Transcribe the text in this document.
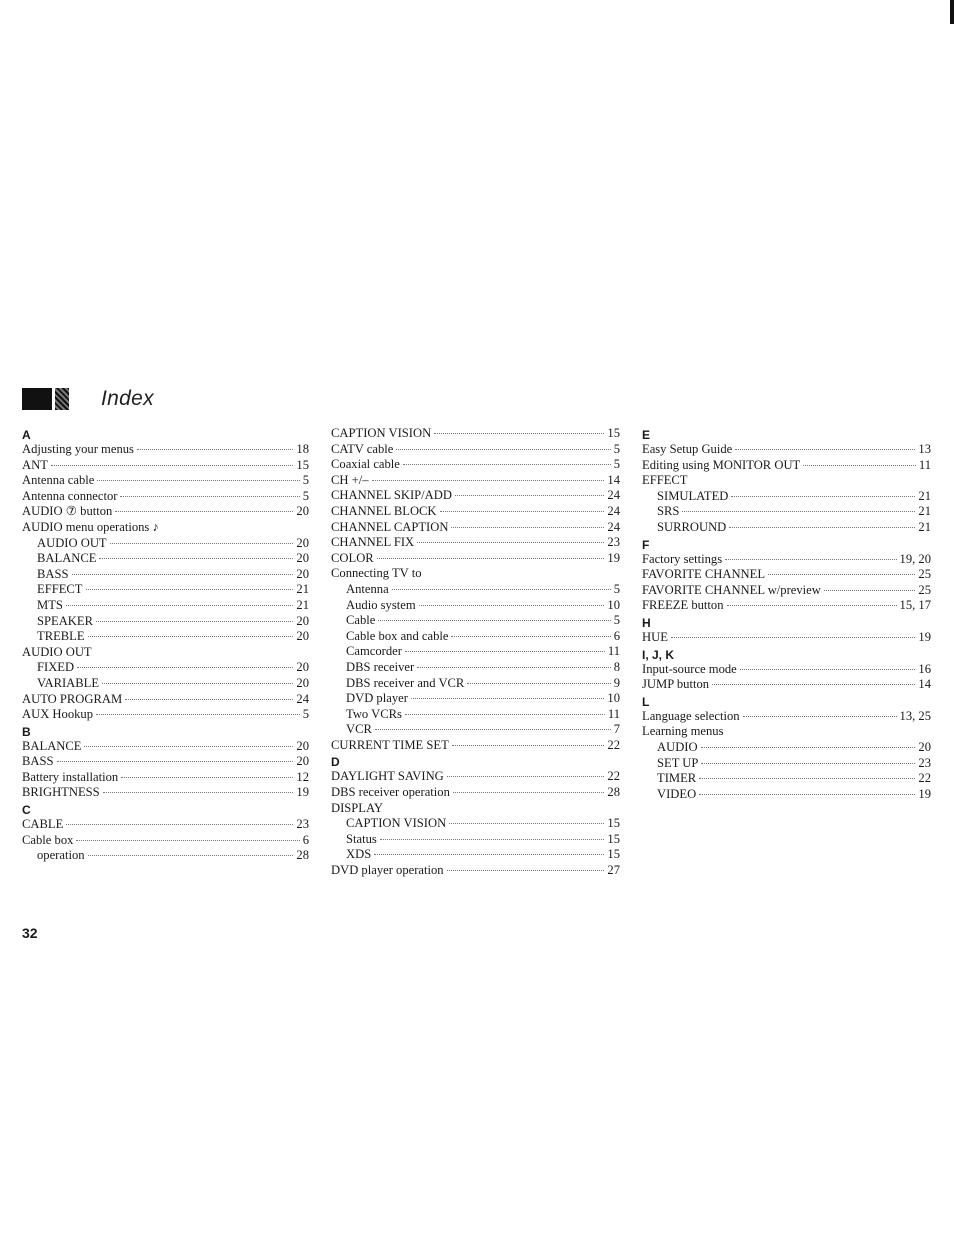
Index
A
Adjusting your menus	18
ANT	15
Antenna cable	5
Antenna connector	5
AUDIO ⑦ button	20
AUDIO menu operations ♪
AUDIO OUT	20
BALANCE	20
BASS	20
EFFECT	21
MTS	21
SPEAKER	20
TREBLE	20
AUDIO OUT
FIXED	20
VARIABLE	20
AUTO PROGRAM	24
AUX Hookup	5
B
BALANCE	20
BASS	20
Battery installation	12
BRIGHTNESS	19
C
CABLE	23
Cable box	6
operation	28
CAPTION VISION	15
CATV cable	5
Coaxial cable	5
CH +/–	14
CHANNEL SKIP/ADD	24
CHANNEL BLOCK	24
CHANNEL CAPTION	24
CHANNEL FIX	23
COLOR	19
Connecting TV to
Antenna	5
Audio system	10
Cable	5
Cable box and cable	6
Camcorder	11
DBS receiver	8
DBS receiver and VCR	9
DVD player	10
Two VCRs	11
VCR	7
CURRENT TIME SET	22
D
DAYLIGHT SAVING	22
DBS receiver operation	28
DISPLAY
CAPTION VISION	15
Status	15
XDS	15
DVD player operation	27
E
Easy Setup Guide	13
Editing using MONITOR OUT	11
EFFECT
SIMULATED	21
SRS	21
SURROUND	21
F
Factory settings	19, 20
FAVORITE CHANNEL	25
FAVORITE CHANNEL w/preview	25
FREEZE button	15, 17
H
HUE	19
I, J, K
Input-source mode	16
JUMP button	14
L
Language selection	13, 25
Learning menus
AUDIO	20
SET UP	23
TIMER	22
VIDEO	19
32
